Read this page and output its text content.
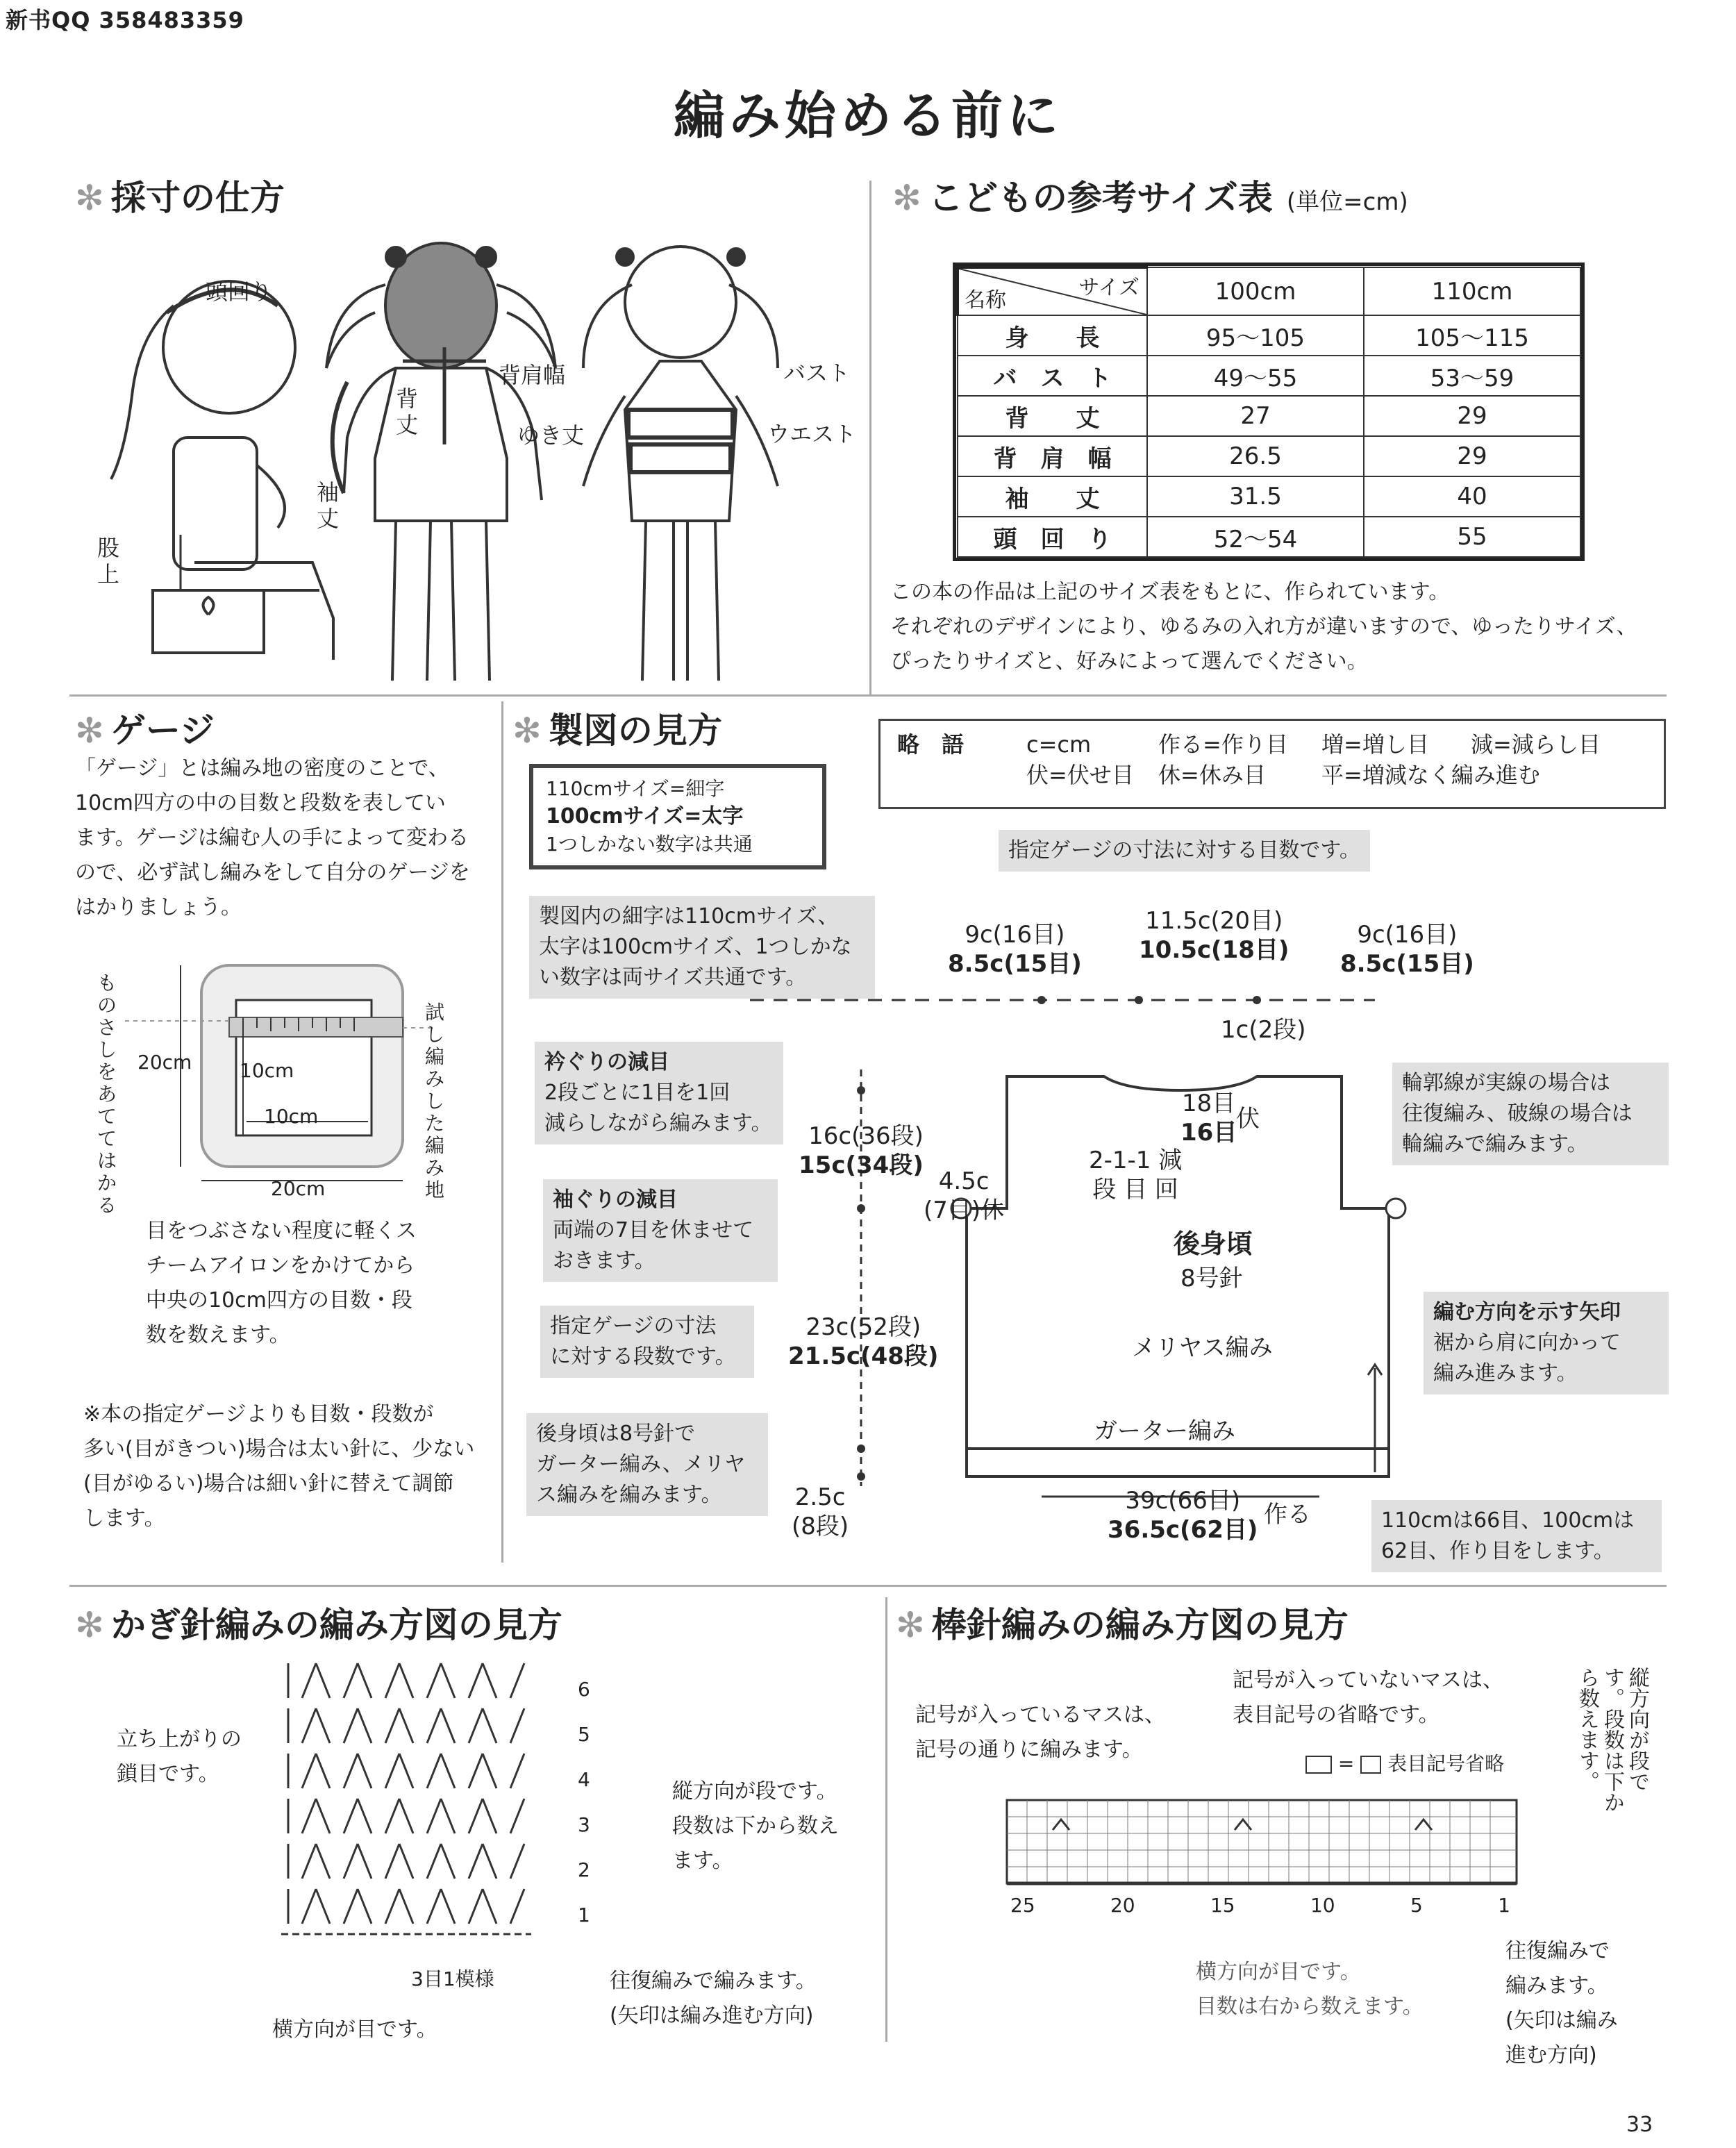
新书QQ 358483359
編み始める前に
✻ 採寸の仕方
頭回り
股上
背肩幅
背丈
袖丈
ゆき丈
バスト
ウエスト
✻ こどもの参考サイズ表 (単位=cm)
サイズ
名称	100cm	110cm
身　　長	95〜105	105〜115
バ　ス　ト	49〜55	53〜59
背　　丈	27	29
背　肩　幅	26.5	29
袖　　丈	31.5	40
頭　回　り	52〜54	55
この本の作品は上記のサイズ表をもとに、作られています。
それぞれのデザインにより、ゆるみの入れ方が違いますので、ゆったりサイズ、
ぴったりサイズと、好みによって選んでください。
✻ ゲージ
「ゲージ」とは編み地の密度のことで、
10cm四方の中の目数と段数を表してい
ます。ゲージは編む人の手によって変わる
ので、必ず試し編みをして自分のゲージを
はかりましょう。
ものさしをあててはかる
試し編みした編み地
20cm 10cm
10cm
20cm
目をつぶさない程度に軽くス
チームアイロンをかけてから
中央の10cm四方の目数・段
数を数えます。
※本の指定ゲージよりも目数・段数が
多い(目がきつい)場合は太い針に、少ない
(目がゆるい)場合は細い針に替えて調節
します。
✻ 製図の見方	略　語	c=cm	作る=作り目 増=増し目 減=減らし目
伏=伏せ目 休=休み目	平=増減なく編み進む
110cmサイズ=細字
100cmサイズ=太字
1つしかない数字は共通	指定ゲージの寸法に対する目数です。
製図内の細字は110cmサイズ、
太字は100cmサイズ、1つしかな
い数字は両サイズ共通です。
衿ぐりの減目
2段ごとに1目を1回
減らしながら編みます。
袖ぐりの減目
両端の7目を休ませて
おきます。
指定ゲージの寸法
に対する段数です。
後身頃は8号針で
ガーター編み、メリヤ
ス編みを編みます。
輪郭線が実線の場合は
往復編み、破線の場合は
輪編みで編みます。
編む方向を示す矢印
裾から肩に向かって
編み進みます。
110cmは66目、100cmは
62目、作り目をします。
9c(16目)
8.5c(15目)
11.5c(20目)
10.5c(18目)
9c(16目)
8.5c(15目)
1c(2段)
18目
16目
伏
2-1-1 減
段 目 回
16c(36段)
15c(34段)
4.5c
(7目)休
23c(52段)
21.5c(48段)
2.5c
(8段)
39c(66目)
36.5c(62目)
作る
後身頃
8号針
メリヤス編み
ガーター編み
✻ かぎ針編みの編み方図の見方
6
5
4
3
2
1
立ち上がりの
鎖目です。
縦方向が段です。
段数は下から数え
ます。
3目1模様	往復編みで編みます。
(矢印は編み進む方向)
横方向が目です。
✻ 棒針編みの編み方図の見方
記号が入っていないマスは、
表目記号の省略です。
記号が入っているマスは、
記号の通りに編みます。
=  表目記号省略	縦方向が段です。段数は下から数えます。
25	20	15	10	5	1
横方向が目です。
目数は右から数えます。
往復編みで
編みます。
(矢印は編み
進む方向)
33
